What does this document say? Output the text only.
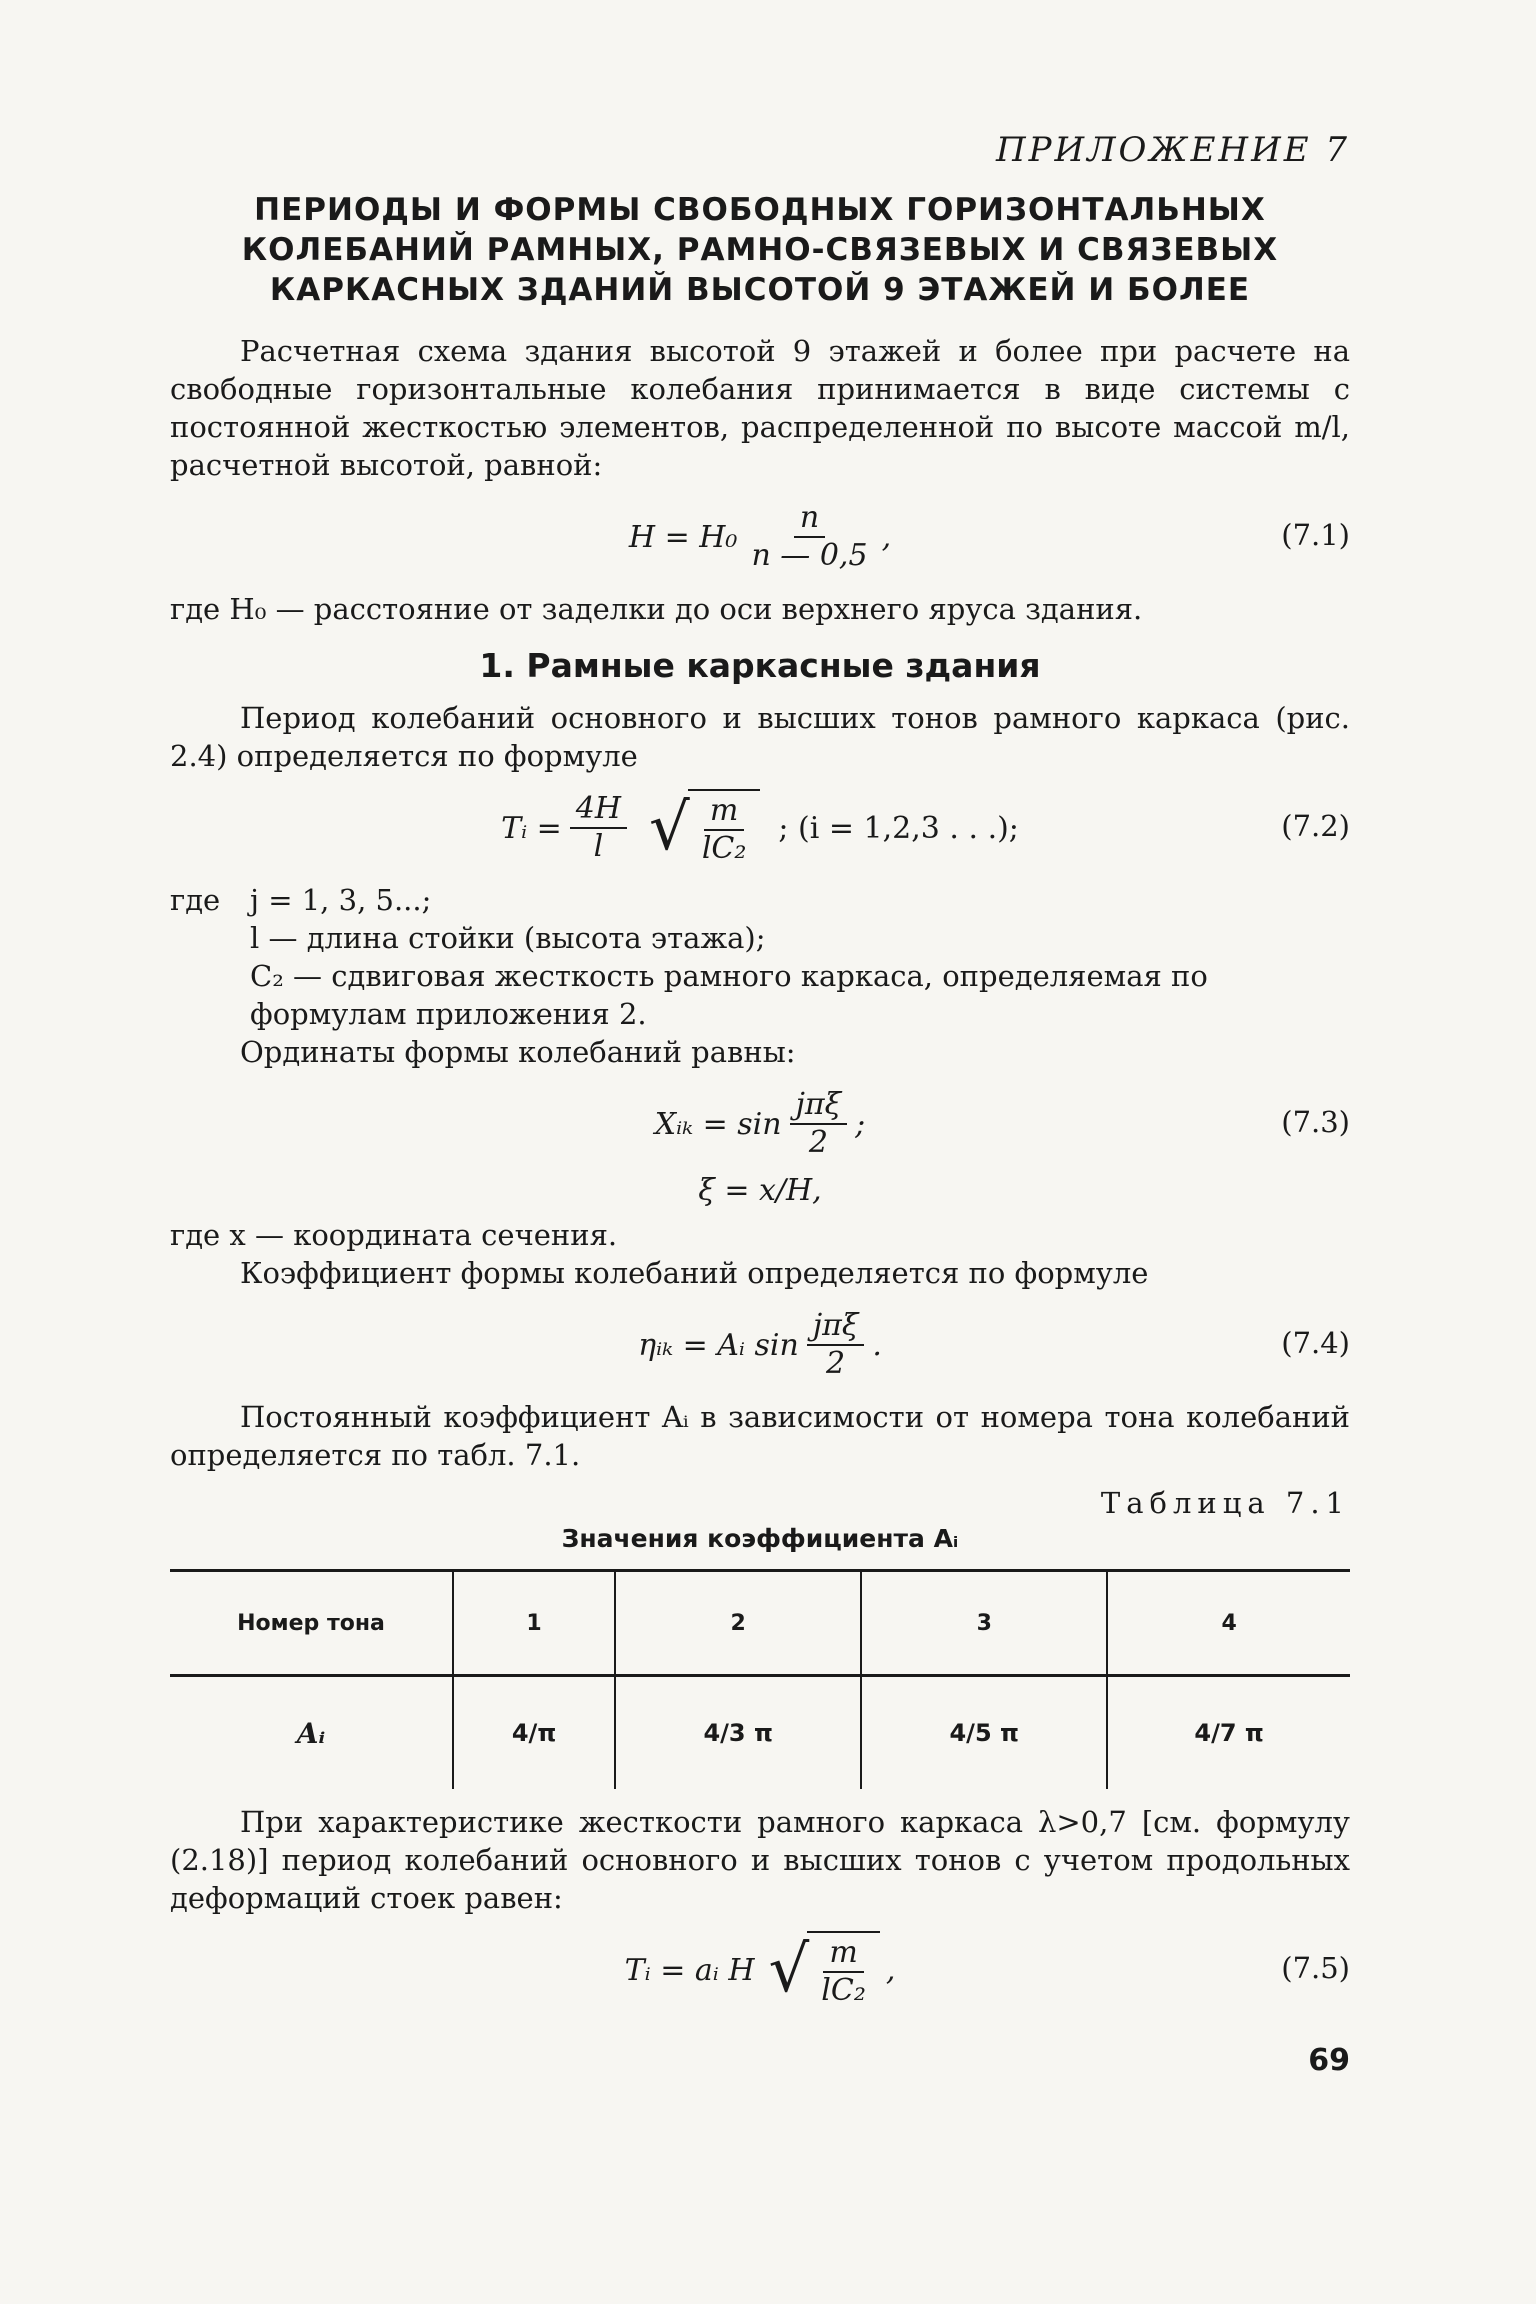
ПРИЛОЖЕНИЕ 7
ПЕРИОДЫ И ФОРМЫ СВОБОДНЫХ ГОРИЗОНТАЛЬНЫХ
КОЛЕБАНИЙ РАМНЫХ, РАМНО-СВЯЗЕВЫХ И СВЯЗЕВЫХ
КАРКАСНЫХ ЗДАНИЙ ВЫСОТОЙ 9 ЭТАЖЕЙ И БОЛЕЕ

Расчетная схема здания высотой 9 этажей и более при расчете на свободные горизонтальные колебания принимается в виде системы с постоянной жесткостью элементов, распределенной по высоте массой m/l, расчетной высотой, равной:

$H = H_0 \frac{n}{n — 0,5}$ ,	(7.1)

где H₀ — расстояние от заделки до оси верхнего яруса здания.

1. Рамные каркасные здания

Период колебаний основного и высших тонов рамного каркаса (рис. 2.4) определяется по формуле

Tᵢ = $\frac{4H}{l}$ √ $\frac{m}{\text{lC₂}}$ ; (i = 1,2,3 . . .);	(7.2)
где	j = 1, 3, 5...;
l — длина стойки (высота этажа);
C₂ — сдвиговая жесткость рамного каркаса, определяемая по формулам приложения 2.

Ординаты формы колебаний равны:

Xᵢₖ = $\sin \frac{\text{jπξ}}{2}$ ;	(7.3)
ξ = x/H,

где x — координата сечения.

Коэффициент формы колебаний определяется по формуле

ηᵢₖ = Aᵢ $\sin \frac{\text{jπξ}}{2}$ .	(7.4)

Постоянный коэффициент Aᵢ в зависимости от номера тона колебаний определяется по табл. 7.1.

Таблица 7.1
Значения коэффициента Aᵢ
Номер тона	1	2	3	4
Aᵢ	4/π	4/3 π	4/5 π	4/7 π

При характеристике жесткости рамного каркаса λ>0,7 [см. формулу (2.18)] период колебаний основного и высших тонов с учетом продольных деформаций стоек равен:

Tᵢ = aᵢ H √ $\frac{m}{\text{lC₂}}$ ,	(7.5)
69
